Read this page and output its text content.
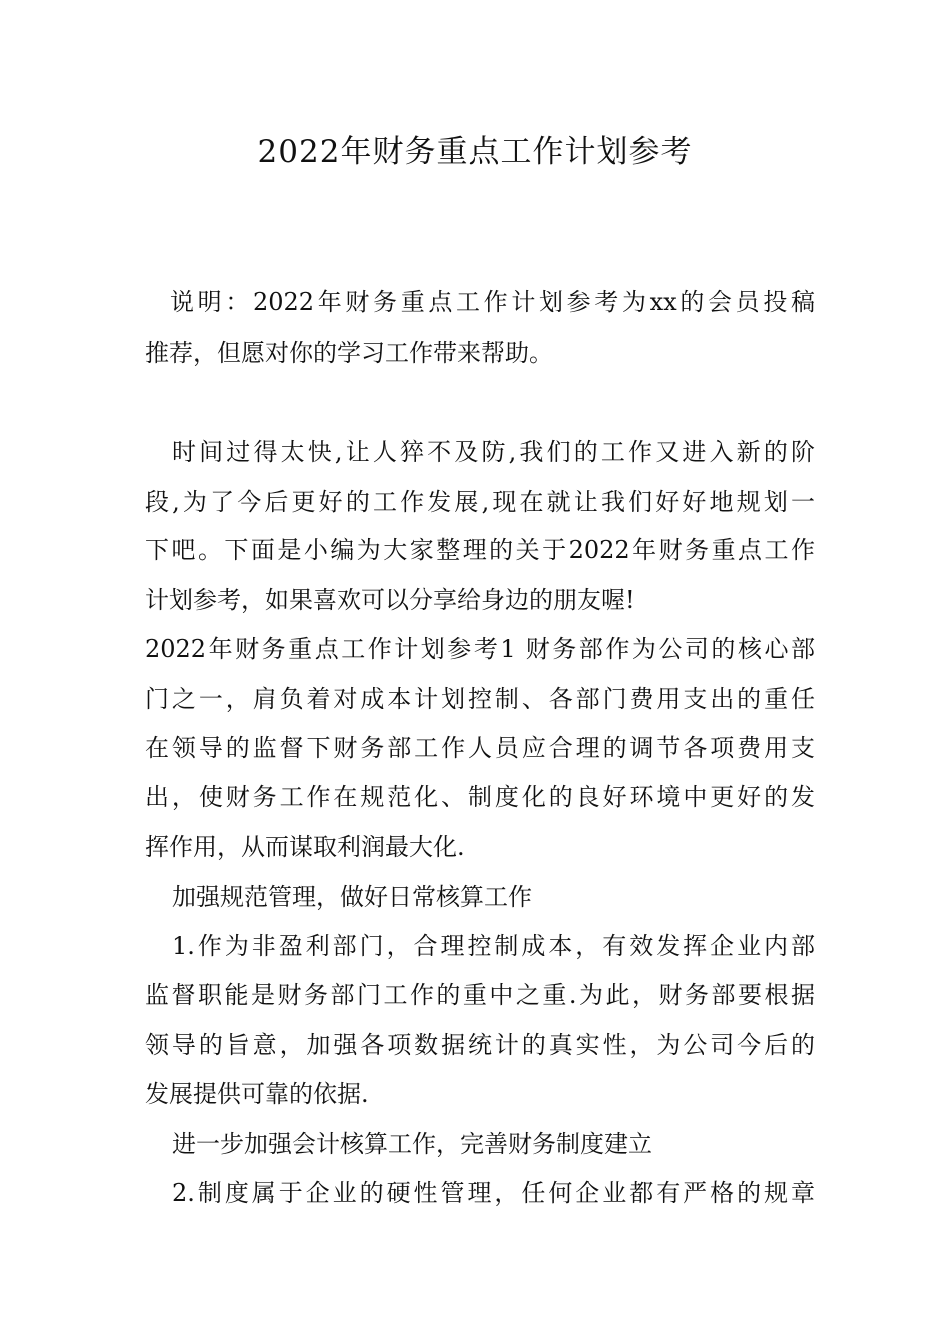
2022年财务重点工作计划参考
说明：2022年财务重点工作计划参考为xx的会员投稿
推荐，但愿对你的学习工作带来帮助。
时间过得太快,让人猝不及防,我们的工作又进入新的阶
段,为了今后更好的工作发展,现在就让我们好好地规划一
下吧。下面是小编为大家整理的关于2022年财务重点工作
计划参考，如果喜欢可以分享给身边的朋友喔!
2022年财务重点工作计划参考1 财务部作为公司的核心部
门之一，肩负着对成本计划控制、各部门费用支出的重任
在领导的监督下财务部工作人员应合理的调节各项费用支
出，使财务工作在规范化、制度化的良好环境中更好的发
挥作用，从而谋取利润最大化.
加强规范管理，做好日常核算工作
1.作为非盈利部门，合理控制成本，有效发挥企业内部
监督职能是财务部门工作的重中之重.为此，财务部要根据
领导的旨意，加强各项数据统计的真实性，为公司今后的
发展提供可靠的依据.
进一步加强会计核算工作，完善财务制度建立
2.制度属于企业的硬性管理，任何企业都有严格的规章
